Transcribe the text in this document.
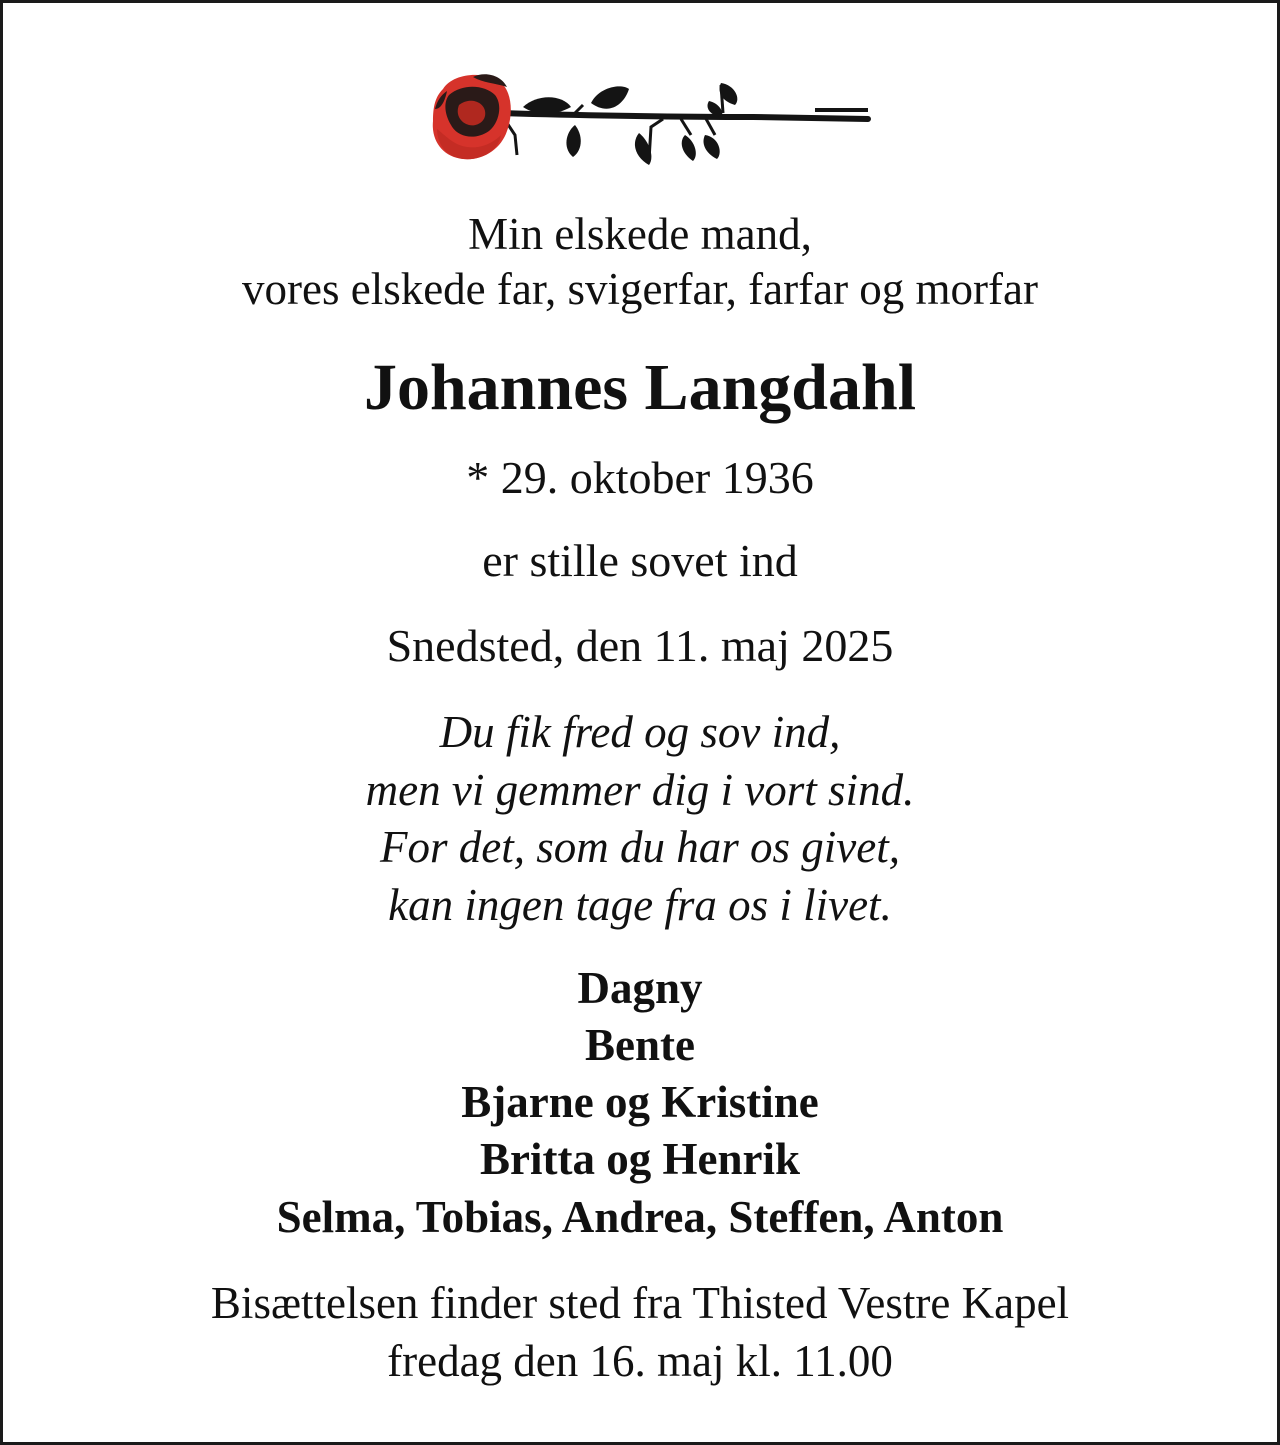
Min elskede mand,
vores elskede far, svigerfar, farfar og morfar
Johannes Langdahl
* 29. oktober 1936
er stille sovet ind
Snedsted, den 11. maj 2025
Du fik fred og sov ind,
men vi gemmer dig i vort sind.
For det, som du har os givet,
kan ingen tage fra os i livet.
Dagny
Bente
Bjarne og Kristine
Britta og Henrik
Selma, Tobias, Andrea, Steffen, Anton
Bisættelsen finder sted fra Thisted Vestre Kapel
fredag den 16. maj kl. 11.00
